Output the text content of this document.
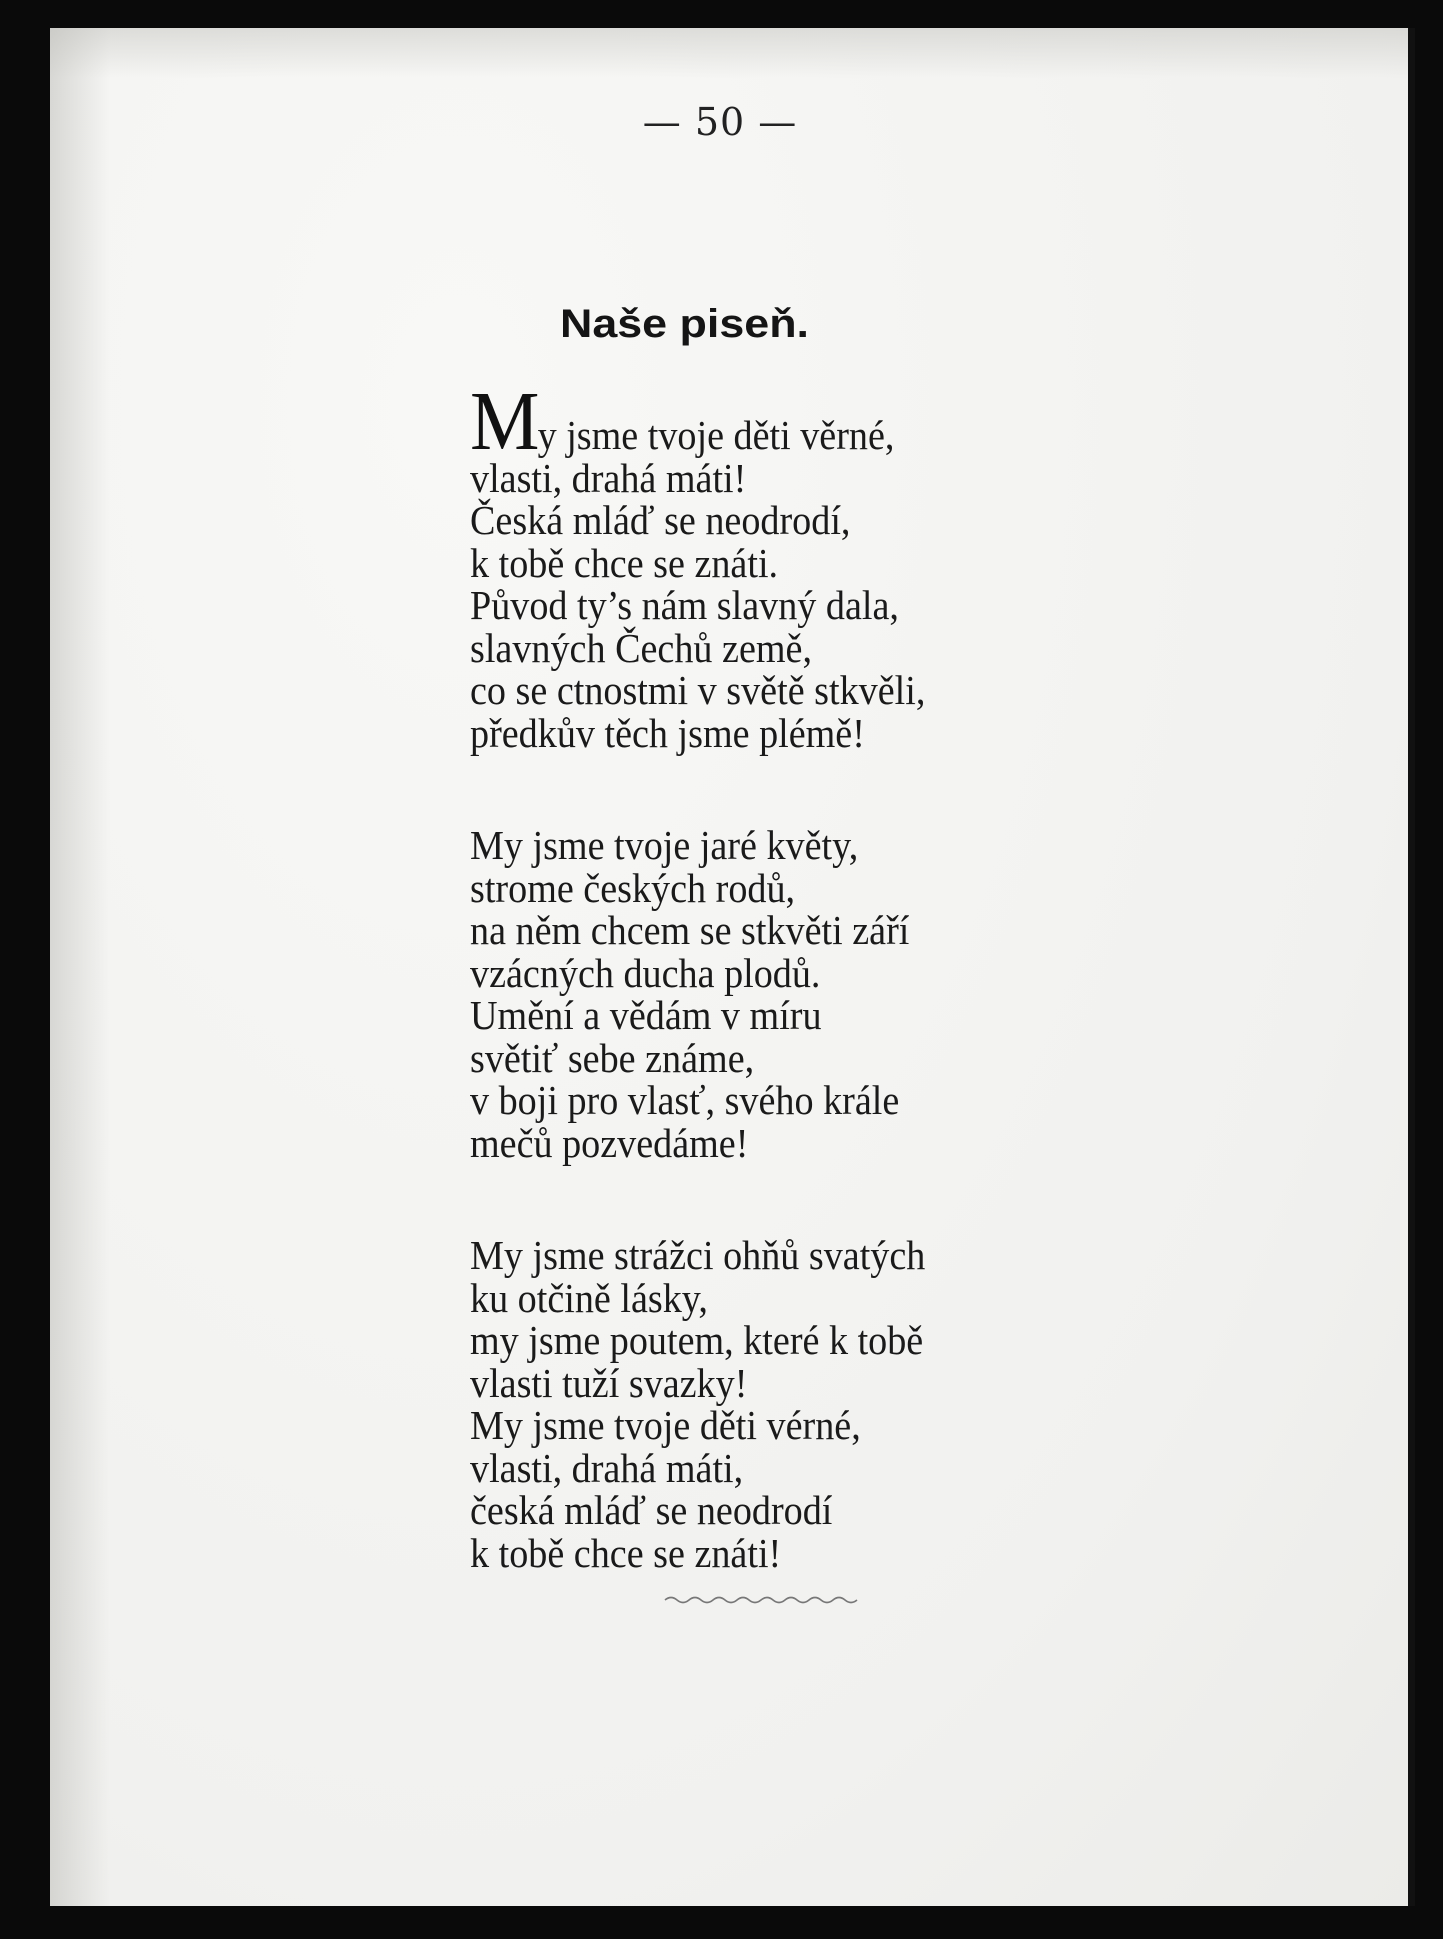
— 50 —
Naše piseň.
My jsme tvoje děti věrné,
vlasti, drahá máti!
Česká mláď se neodrodí,
k tobě chce se znáti.
Původ ty’s nám slavný dala,
slavných Čechů země,
co se ctnostmi v světě stkvěli,
předkův těch jsme plémě!
My jsme tvoje jaré květy,
strome českých rodů,
na něm chcem se stkvěti září
vzácných ducha plodů.
Umění a vědám v míru
světiť sebe známe,
v boji pro vlasť, svého krále
mečů pozvedáme!
My jsme strážci ohňů svatých
ku otčině lásky,
my jsme poutem, které k tobě
vlasti tuží svazky!
My jsme tvoje děti vérné,
vlasti, drahá máti,
česká mláď se neodrodí
k tobě chce se znáti!
